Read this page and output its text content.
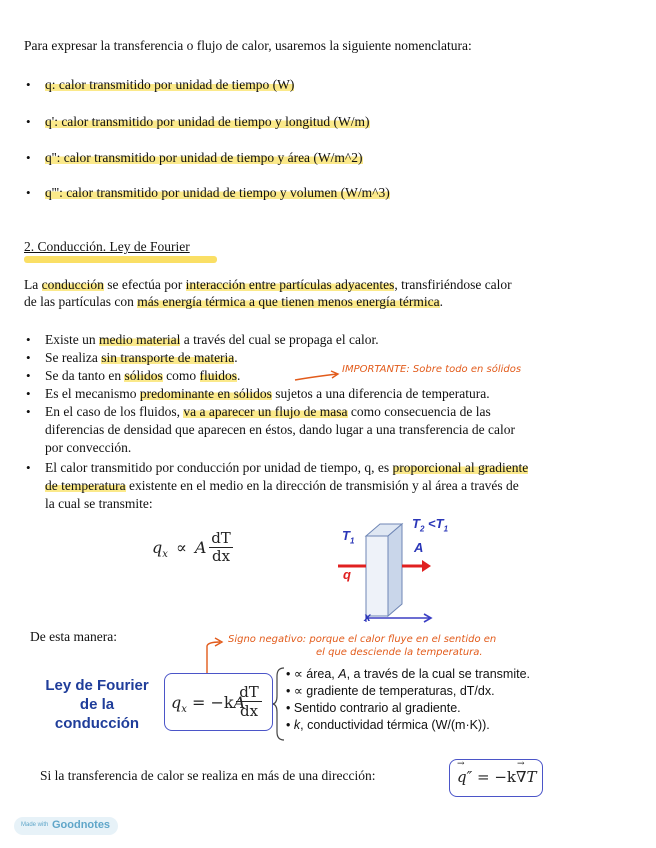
Para expresar la transferencia o flujo de calor, usaremos la siguiente nomenclatura:
• q: calor transmitido por unidad de tiempo (W)
• q': calor transmitido por unidad de tiempo y longitud (W/m)
• q'': calor transmitido por unidad de tiempo y área (W/m^2)
• q''': calor transmitido por unidad de tiempo y volumen (W/m^3)
2. Conducción. Ley de Fourier
La conducción se efectúa por interacción entre partículas adyacentes, transfiriéndose calor
de las partículas con más energía térmica a que tienen menos energía térmica.
• Existe un medio material a través del cual se propaga el calor.
• Se realiza sin transporte de materia.
• Se da tanto en sólidos como fluidos.
• Es el mecanismo predominante en sólidos sujetos a una diferencia de temperatura.
• En el caso de los fluidos, va a aparecer un flujo de masa como consecuencia de las
diferencias de densidad que aparecen en éstos, dando lugar a una transferencia de calor
por convección.
• El calor transmitido por conducción por unidad de tiempo, q, es proporcional al gradiente
de temperatura existente en el medio en la dirección de transmisión y al área a través de
la cual se transmite:
IMPORTANTE: Sobre todo en sólidos
$q_x \propto A$ dT
dx
$T_1$
$T_2 <T_1$
A
q
x
De esta manera:	Signo negativo: porque el calor fluye en el sentido en
el que desciende la temperatura.
Ley de Fourier
de la
conducción
$q_x = -kA$
dT
dx
• ∝ área, A, a través de la cual se transmite.
• ∝ gradiente de temperaturas, dT/dx.
• Sentido contrario al gradiente.
• k, conductividad térmica (W/(m·K)).
Si la transferencia de calor se realiza en más de una dirección:	q
→
″ = −k∇
→
T
Made with Goodnotes
